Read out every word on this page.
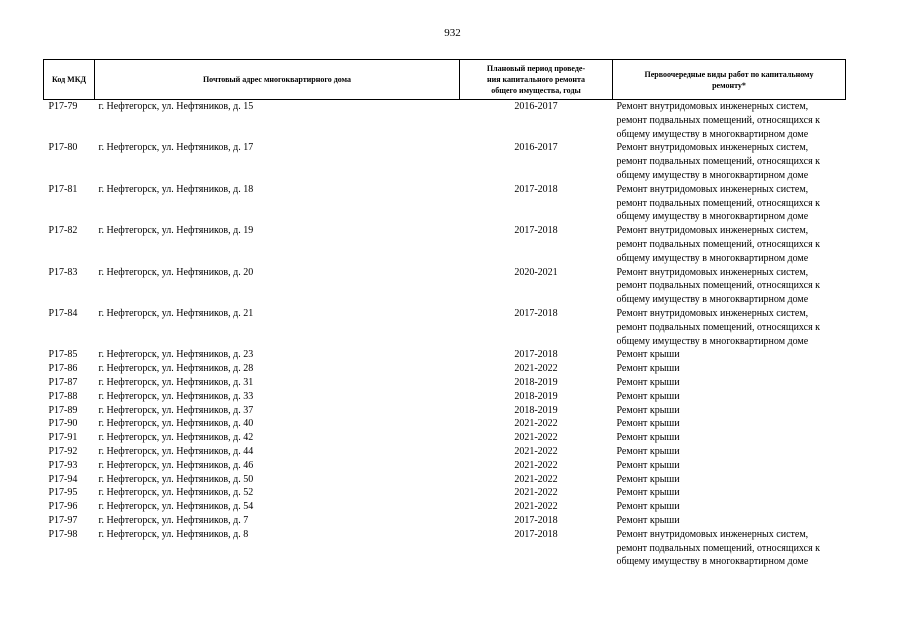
932
Код МКД	Почтовый адрес многоквартирного дома	Плановый период проведе-
ния капитального ремонта
общего имущества, годы	Первоочередные виды работ по капитальному
ремонту*
Р17-79	г. Нефтегорск, ул. Нефтяников, д. 15	2016-2017	Ремонт внутридомовых инженерных систем,
ремонт подвальных помещений, относящихся к
общему имуществу в многоквартирном доме

Р17-80	г. Нефтегорск, ул. Нефтяников, д. 17	2016-2017	Ремонт внутридомовых инженерных систем,
ремонт подвальных помещений, относящихся к
общему имуществу в многоквартирном доме

Р17-81	г. Нефтегорск, ул. Нефтяников, д. 18	2017-2018	Ремонт внутридомовых инженерных систем,
ремонт подвальных помещений, относящихся к
общему имуществу в многоквартирном доме

Р17-82	г. Нефтегорск, ул. Нефтяников, д. 19	2017-2018	Ремонт внутридомовых инженерных систем,
ремонт подвальных помещений, относящихся к
общему имуществу в многоквартирном доме

Р17-83	г. Нефтегорск, ул. Нефтяников, д. 20	2020-2021	Ремонт внутридомовых инженерных систем,
ремонт подвальных помещений, относящихся к
общему имуществу в многоквартирном доме

Р17-84	г. Нефтегорск, ул. Нефтяников, д. 21	2017-2018	Ремонт внутридомовых инженерных систем,
ремонт подвальных помещений, относящихся к
общему имуществу в многоквартирном доме

Р17-85	г. Нефтегорск, ул. Нефтяников, д. 23	2017-2018	Ремонт крыши

Р17-86	г. Нефтегорск, ул. Нефтяников, д. 28	2021-2022	Ремонт крыши

Р17-87	г. Нефтегорск, ул. Нефтяников, д. 31	2018-2019	Ремонт крыши

Р17-88	г. Нефтегорск, ул. Нефтяников, д. 33	2018-2019	Ремонт крыши

Р17-89	г. Нефтегорск, ул. Нефтяников, д. 37	2018-2019	Ремонт крыши

Р17-90	г. Нефтегорск, ул. Нефтяников, д. 40	2021-2022	Ремонт крыши

Р17-91	г. Нефтегорск, ул. Нефтяников, д. 42	2021-2022	Ремонт крыши

Р17-92	г. Нефтегорск, ул. Нефтяников, д. 44	2021-2022	Ремонт крыши

Р17-93	г. Нефтегорск, ул. Нефтяников, д. 46	2021-2022	Ремонт крыши

Р17-94	г. Нефтегорск, ул. Нефтяников, д. 50	2021-2022	Ремонт крыши

Р17-95	г. Нефтегорск, ул. Нефтяников, д. 52	2021-2022	Ремонт крыши

Р17-96	г. Нефтегорск, ул. Нефтяников, д. 54	2021-2022	Ремонт крыши

Р17-97	г. Нефтегорск, ул. Нефтяников, д. 7	2017-2018	Ремонт крыши

Р17-98	г. Нефтегорск, ул. Нефтяников, д. 8	2017-2018	Ремонт внутридомовых инженерных систем,
ремонт подвальных помещений, относящихся к
общему имуществу в многоквартирном доме
